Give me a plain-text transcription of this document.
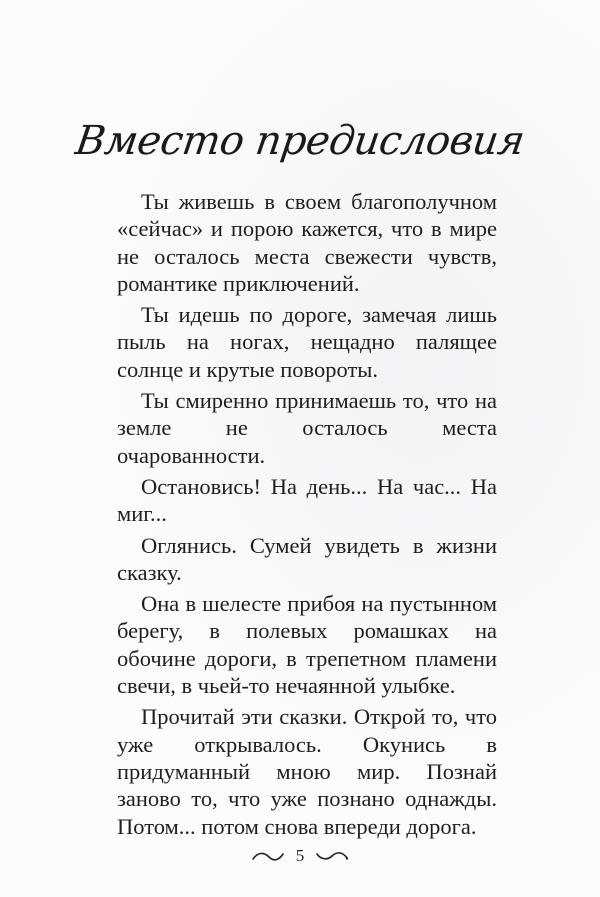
Вместо предисловия

Ты живешь в своем благополучном «сейчас» и порою кажется, что в мире не осталось места свежести чувств, романтике приключений.

Ты идешь по дороге, замечая лишь пыль на ногах, нещадно палящее солнце и крутые повороты.

Ты смиренно принимаешь то, что на земле не осталось места очарованности.

Остановись! На день... На час... На миг...

Оглянись. Сумей увидеть в жизни сказку.

Она в шелесте прибоя на пустынном берегу, в полевых ромашках на обочине дороги, в трепетном пламени свечи, в чьей-то нечаянной улыбке.

Прочитай эти сказки. Открой то, что уже открывалось. Окунись в придуманный мною мир. Познай заново то, что уже познано однажды. Потом... потом снова впереди дорога.

5
